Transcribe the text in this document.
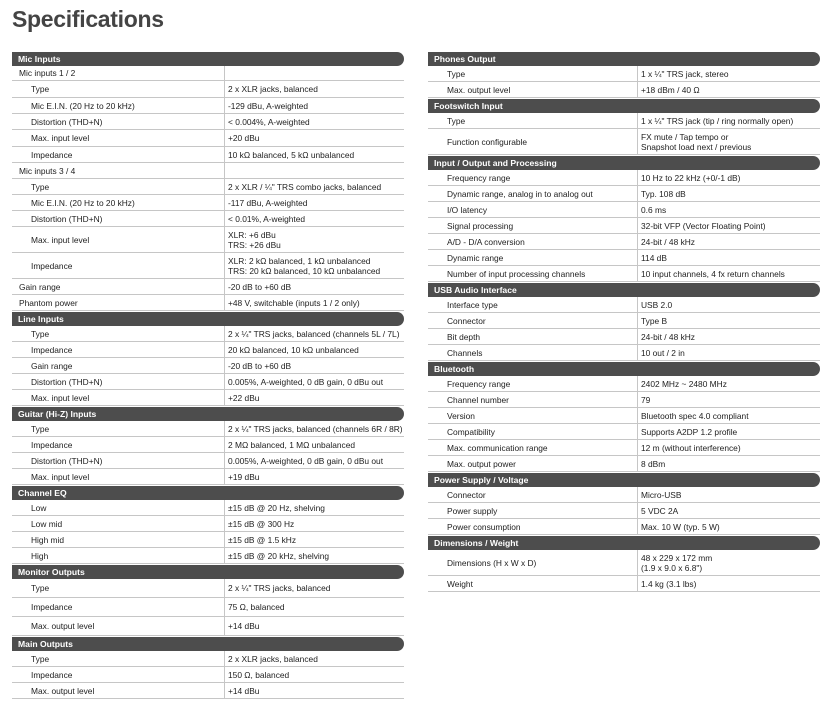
Specifications
Mic Inputs
Mic inputs 1 / 2
Type	2 x XLR jacks, balanced
Mic E.I.N. (20 Hz to 20 kHz)	-129 dBu, A-weighted
Distortion (THD+N)	< 0.004%, A-weighted
Max. input level	+20 dBu
Impedance	10 kΩ balanced, 5 kΩ unbalanced
Mic inputs 3 / 4
Type	2 x XLR / ¼" TRS combo jacks, balanced
Mic E.I.N. (20 Hz to 20 kHz)	-117 dBu, A-weighted
Distortion (THD+N)	< 0.01%, A-weighted
Max. input level	XLR: +6 dBu
TRS: +26 dBu
Impedance	XLR: 2 kΩ balanced, 1 kΩ unbalanced
TRS: 20 kΩ balanced, 10 kΩ unbalanced
Gain range	-20 dB to +60 dB
Phantom power	+48 V, switchable (inputs 1 / 2 only)
Line Inputs
Type	2 x ¼" TRS jacks, balanced (channels 5L / 7L)
Impedance	20 kΩ balanced, 10 kΩ unbalanced
Gain range	-20 dB to +60 dB
Distortion (THD+N)	0.005%, A-weighted, 0 dB gain, 0 dBu out
Max. input level	+22 dBu
Guitar (Hi-Z) Inputs
Type	2 x ¼" TRS jacks, balanced (channels 6R / 8R)
Impedance	2 MΩ balanced, 1 MΩ unbalanced
Distortion (THD+N)	0.005%, A-weighted, 0 dB gain, 0 dBu out
Max. input level	+19 dBu
Channel EQ
Low	±15 dB @ 20 Hz, shelving
Low mid	±15 dB @ 300 Hz
High mid	±15 dB @ 1.5 kHz
High	±15 dB @ 20 kHz, shelving
Monitor Outputs
Type	2 x ¼" TRS jacks, balanced
Impedance	75 Ω, balanced
Max. output level	+14 dBu
Main Outputs
Type	2 x XLR jacks, balanced
Impedance	150 Ω, balanced
Max. output level	+14 dBu
Phones Output
Type	1 x ¼" TRS jack, stereo
Max. output level	+18 dBm / 40 Ω
Footswitch Input
Type	1 x ¼" TRS jack (tip / ring normally open)
Function configurable	FX mute / Tap tempo or
Snapshot load next / previous
Input / Output and Processing
Frequency range	10 Hz to 22 kHz (+0/-1 dB)
Dynamic range, analog in to analog out	Typ. 108 dB
I/O latency	0.6 ms
Signal processing	32-bit VFP (Vector Floating Point)
A/D - D/A conversion	24-bit / 48 kHz
Dynamic range	114 dB
Number of input processing channels	10 input channels, 4 fx return channels
USB Audio Interface
Interface type	USB 2.0
Connector	Type B
Bit depth	24-bit / 48 kHz
Channels	10 out / 2 in
Bluetooth
Frequency range	2402 MHz ~ 2480 MHz
Channel number	79
Version	Bluetooth spec 4.0 compliant
Compatibility	Supports A2DP 1.2 profile
Max. communication range	12 m (without interference)
Max. output power	8 dBm
Power Supply / Voltage
Connector	Micro-USB
Power supply	5 VDC 2A
Power consumption	Max. 10 W (typ. 5 W)
Dimensions / Weight
Dimensions (H x W x D)	48 x 229 x 172 mm
(1.9 x 9.0 x 6.8")
Weight	1.4 kg (3.1 lbs)
